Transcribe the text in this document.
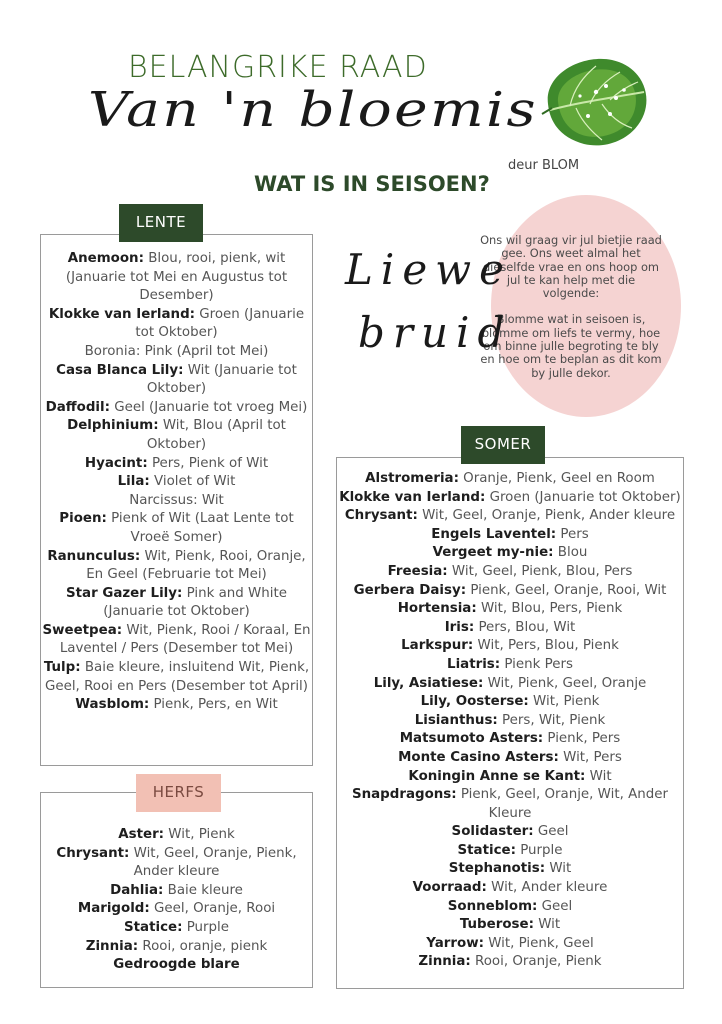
BELANGRIKE RAAD
Van 'n bloemis
deur BLOM
WAT IS IN SEISOEN?
LENTE
Anemoon: Blou, rooi, pienk, wit (Januarie tot Mei en Augustus tot Desember)
Klokke van Ierland: Groen (Januarie tot Oktober)
Boronia: Pink (April tot Mei)
Casa Blanca Lily: Wit (Januarie tot Oktober)
Daffodil: Geel (Januarie tot vroeg Mei)
Delphinium: Wit, Blou (April tot Oktober)
Hyacint: Pers, Pienk of Wit
Lila: Violet of Wit
Narcissus: Wit
Pioen: Pienk of Wit (Laat Lente tot Vroeë Somer)
Ranunculus: Wit, Pienk, Rooi, Oranje, En Geel (Februarie tot Mei)
Star Gazer Lily: Pink and White (Januarie tot Oktober)
Sweetpea: Wit, Pienk, Rooi / Koraal, En Laventel / Pers (Desember tot Mei)
Tulp: Baie kleure, insluitend Wit, Pienk, Geel, Rooi en Pers (Desember tot April)
Wasblom: Pienk, Pers, en Wit

Ons wil graag vir jul bietjie raad gee. Ons weet almal het dieselfde vrae en ons hoop om jul te kan help met die volgende:

Blomme wat in seisoen is, blomme om liefs te vermy, hoe om binne julle begroting te bly en hoe om te beplan as dit kom by julle dekor.

Liewe
bruid
SOMER
Alstromeria: Oranje, Pienk, Geel en Room
Klokke van Ierland: Groen (Januarie tot Oktober)
Chrysant: Wit, Geel, Oranje, Pienk, Ander kleure
Engels Laventel: Pers
Vergeet my-nie: Blou
Freesia: Wit, Geel, Pienk, Blou, Pers
Gerbera Daisy: Pienk, Geel, Oranje, Rooi, Wit
Hortensia: Wit, Blou, Pers, Pienk
Iris: Pers, Blou, Wit
Larkspur: Wit, Pers, Blou, Pienk
Liatris: Pienk Pers
Lily, Asiatiese: Wit, Pienk, Geel, Oranje
Lily, Oosterse: Wit, Pienk
Lisianthus: Pers, Wit, Pienk
Matsumoto Asters: Pienk, Pers
Monte Casino Asters: Wit, Pers
Koningin Anne se Kant: Wit
Snapdragons: Pienk, Geel, Oranje, Wit, Ander Kleure
Solidaster: Geel
Statice: Purple
Stephanotis: Wit
Voorraad: Wit, Ander kleure
Sonneblom: Geel
Tuberose: Wit
Yarrow: Wit, Pienk, Geel
Zinnia: Rooi, Oranje, Pienk
HERFS
Aster: Wit, Pienk
Chrysant: Wit, Geel, Oranje, Pienk, Ander kleure
Dahlia: Baie kleure
Marigold: Geel, Oranje, Rooi
Statice: Purple
Zinnia: Rooi, oranje, pienk
Gedroogde blare
